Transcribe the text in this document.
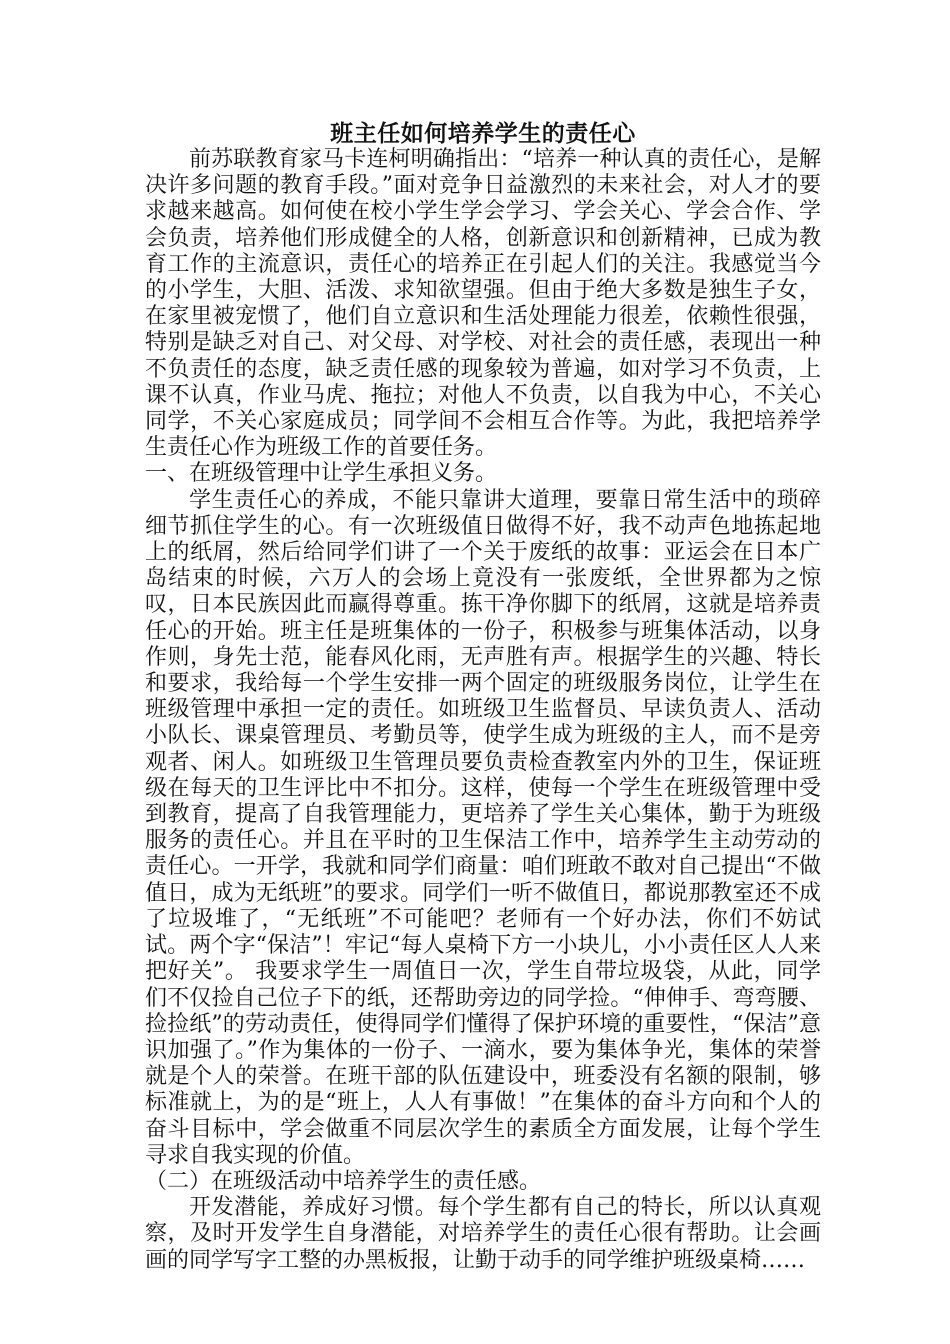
班主任如何培养学生的责任心

前苏联教育家马卡连柯明确指出：“培养一种认真的责任心，是解决许多问题的教育手段。”面对竞争日益激烈的未来社会，对人才的要求越来越高。如何使在校小学生学会学习、学会关心、学会合作、学会负责，培养他们形成健全的人格，创新意识和创新精神，已成为教育工作的主流意识，责任心的培养正在引起人们的关注。我感觉当今的小学生，大胆、活泼、求知欲望强。但由于绝大多数是独生子女，在家里被宠惯了，他们自立意识和生活处理能力很差，依赖性很强，特别是缺乏对自己、对父母、对学校、对社会的责任感，表现出一种不负责任的态度，缺乏责任感的现象较为普遍，如对学习不负责，上课不认真，作业马虎、拖拉；对他人不负责，以自我为中心，不关心同学，不关心家庭成员；同学间不会相互合作等。为此，我把培养学生责任心作为班级工作的首要任务。

一、在班级管理中让学生承担义务。

学生责任心的养成，不能只靠讲大道理，要靠日常生活中的琐碎细节抓住学生的心。有一次班级值日做得不好，我不动声色地拣起地上的纸屑，然后给同学们讲了一个关于废纸的故事：亚运会在日本广岛结束的时候，六万人的会场上竟没有一张废纸，全世界都为之惊叹，日本民族因此而赢得尊重。拣干净你脚下的纸屑，这就是培养责任心的开始。班主任是班集体的一份子，积极参与班集体活动，以身作则，身先士范，能春风化雨，无声胜有声。根据学生的兴趣、特长和要求，我给每一个学生安排一两个固定的班级服务岗位，让学生在班级管理中承担一定的责任。如班级卫生监督员、早读负责人、活动小队长、课桌管理员、考勤员等，使学生成为班级的主人，而不是旁观者、闲人。如班级卫生管理员要负责检查教室内外的卫生，保证班级在每天的卫生评比中不扣分。这样，使每一个学生在班级管理中受到教育，提高了自我管理能力，更培养了学生关心集体，勤于为班级服务的责任心。并且在平时的卫生保洁工作中，培养学生主动劳动的责任心。一开学，我就和同学们商量：咱们班敢不敢对自己提出“不做值日，成为无纸班”的要求。同学们一听不做值日，都说那教室还不成了垃圾堆了，“无纸班”不可能吧？老师有一个好办法，你们不妨试试。两个字“保洁”！牢记“每人桌椅下方一小块儿，小小责任区人人来把好关”。 我要求学生一周值日一次，学生自带垃圾袋，从此，同学们不仅捡自己位子下的纸，还帮助旁边的同学捡。“伸伸手、弯弯腰、捡捡纸”的劳动责任，使得同学们懂得了保护环境的重要性，“保洁”意识加强了。”作为集体的一份子、一滴水，要为集体争光，集体的荣誉就是个人的荣誉。在班干部的队伍建设中，班委没有名额的限制，够标准就上，为的是“班上，人人有事做！”在集体的奋斗方向和个人的奋斗目标中，学会做重不同层次学生的素质全方面发展，让每个学生寻求自我实现的价值。

（二）在班级活动中培养学生的责任感。

开发潜能，养成好习惯。每个学生都有自己的特长，所以认真观察，及时开发学生自身潜能，对培养学生的责任心很有帮助。让会画画的同学写字工整的办黑板报，让勤于动手的同学维护班级桌椅……
